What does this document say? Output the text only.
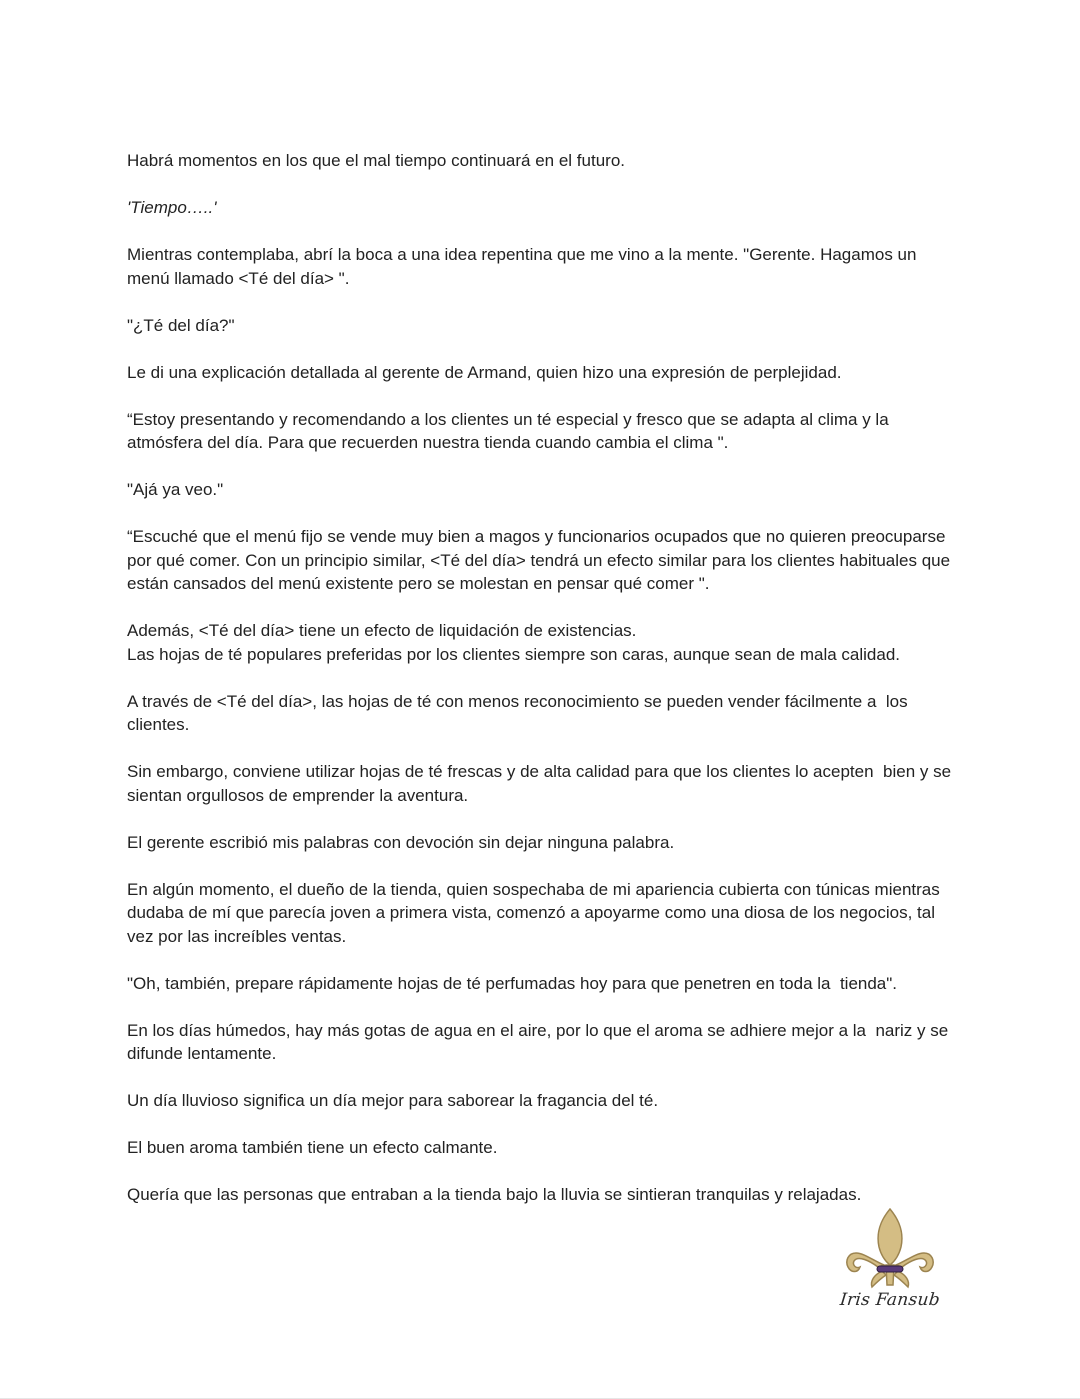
Habrá momentos en los que el mal tiempo continuará en el futuro.

'Tiempo…..'

Mientras contemplaba, abrí la boca a una idea repentina que me vino a la mente. "Gerente. Hagamos un menú llamado <Té del día> ".

"¿Té del día?"

Le di una explicación detallada al gerente de Armand, quien hizo una expresión de perplejidad.

“Estoy presentando y recomendando a los clientes un té especial y fresco que se adapta al clima y la atmósfera del día. Para que recuerden nuestra tienda cuando cambia el clima ".

"Ajá ya veo."

“Escuché que el menú fijo se vende muy bien a magos y funcionarios ocupados que no quieren preocuparse por qué comer. Con un principio similar, <Té del día> tendrá un efecto similar para los clientes habituales que están cansados del menú existente pero se molestan en pensar qué comer ".

Además, <Té del día> tiene un efecto de liquidación de existencias.
Las hojas de té populares preferidas por los clientes siempre son caras, aunque sean de mala calidad.

A través de <Té del día>, las hojas de té con menos reconocimiento se pueden vender fácilmente a  los clientes.

Sin embargo, conviene utilizar hojas de té frescas y de alta calidad para que los clientes lo acepten  bien y se sientan orgullosos de emprender la aventura.

El gerente escribió mis palabras con devoción sin dejar ninguna palabra.

En algún momento, el dueño de la tienda, quien sospechaba de mi apariencia cubierta con túnicas mientras dudaba de mí que parecía joven a primera vista, comenzó a apoyarme como una diosa de los negocios, tal vez por las increíbles ventas.

"Oh, también, prepare rápidamente hojas de té perfumadas hoy para que penetren en toda la  tienda".

En los días húmedos, hay más gotas de agua en el aire, por lo que el aroma se adhiere mejor a la  nariz y se difunde lentamente.

Un día lluvioso significa un día mejor para saborear la fragancia del té.

El buen aroma también tiene un efecto calmante.

Quería que las personas que entraban a la tienda bajo la lluvia se sintieran tranquilas y relajadas.

Iris Fansub
